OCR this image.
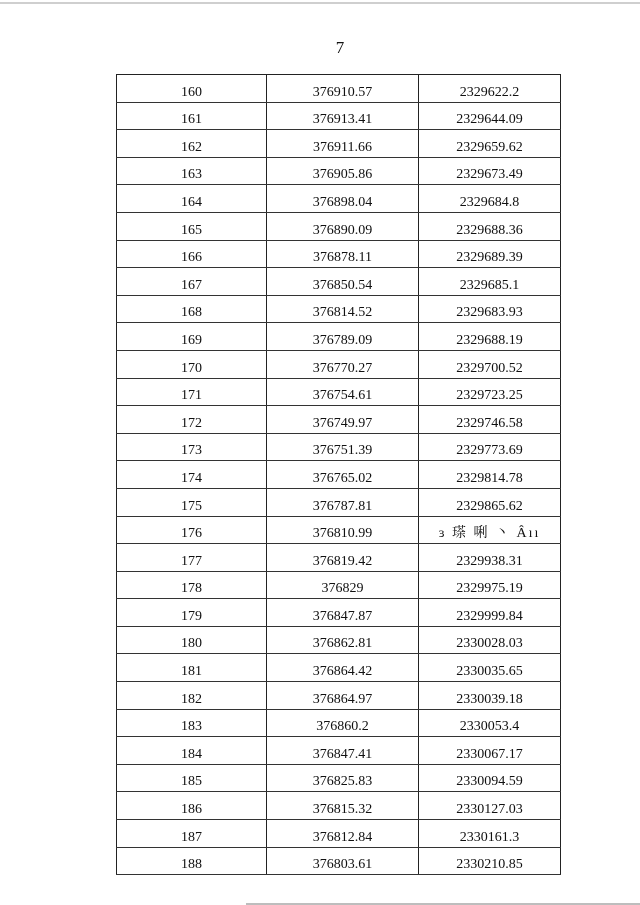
7
160	376910.57	2329622.2
161	376913.41	2329644.09
162	376911.66	2329659.62
163	376905.86	2329673.49
164	376898.04	2329684.8
165	376890.09	2329688.36
166	376878.11	2329689.39
167	376850.54	2329685.1
168	376814.52	2329683.93
169	376789.09	2329688.19
170	376770.27	2329700.52
171	376754.61	2329723.25
172	376749.97	2329746.58
173	376751.39	2329773.69
174	376765.02	2329814.78
175	376787.81	2329865.62
176	376810.99	ɜ 瑹 唎 丶 Âıı
177	376819.42	2329938.31
178	376829	2329975.19
179	376847.87	2329999.84
180	376862.81	2330028.03
181	376864.42	2330035.65
182	376864.97	2330039.18
183	376860.2	2330053.4
184	376847.41	2330067.17
185	376825.83	2330094.59
186	376815.32	2330127.03
187	376812.84	2330161.3
188	376803.61	2330210.85
